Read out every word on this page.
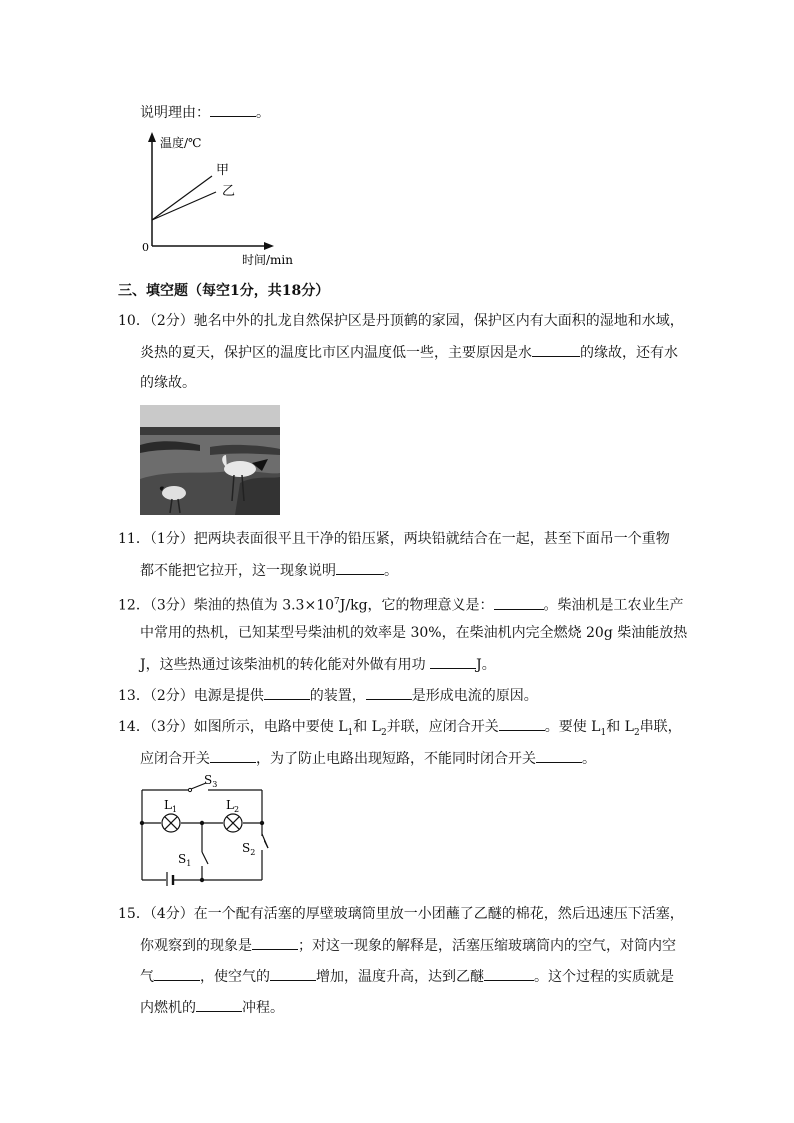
说明理由：	。
温度/℃
甲
乙
0
时间/min
三、填空题（每空1分，共18分）
10．（2分）驰名中外的扎龙自然保护区是丹顶鹤的家园，保护区内有大面积的湿地和水域，
炎热的夏天，保护区的温度比市区内温度低一些，主要原因是水	的缘故，还有水
的缘故。
11．（1分）把两块表面很平且干净的铅压紧，两块铅就结合在一起，甚至下面吊一个重物
都不能把它拉开，这一现象说明	。
12．（3分）柴油的热值为 $3.3\times 10^7J/kg$，它的物理意义是：	。柴油机是工农业生产
中常用的热机，已知某型号柴油机的效率是 30%，在柴油机内完全燃烧 20g 柴油能放热
J，这些热通过该柴油机的转化能对外做有用功	J。
13．（2分）电源是提供	的装置，	是形成电流的原因。
14．（3分）如图所示，电路中要使 $L_1$和 $L_2$并联，应闭合开关	。要使 $L_1$和 $L_2$串联，
应闭合开关	，为了防止电路出现短路，不能同时闭合开关	。
$S_3$
$L_1$	$L_2$
$S_1$
$S_2$
15．（4分）在一个配有活塞的厚壁玻璃筒里放一小团蘸了乙醚的棉花，然后迅速压下活塞，
你观察到的现象是	；对这一现象的解释是，活塞压缩玻璃筒内的空气，对筒内空
气	，使空气的	增加，温度升高，达到乙醚	。这个过程的实质就是
内燃机的	冲程。
